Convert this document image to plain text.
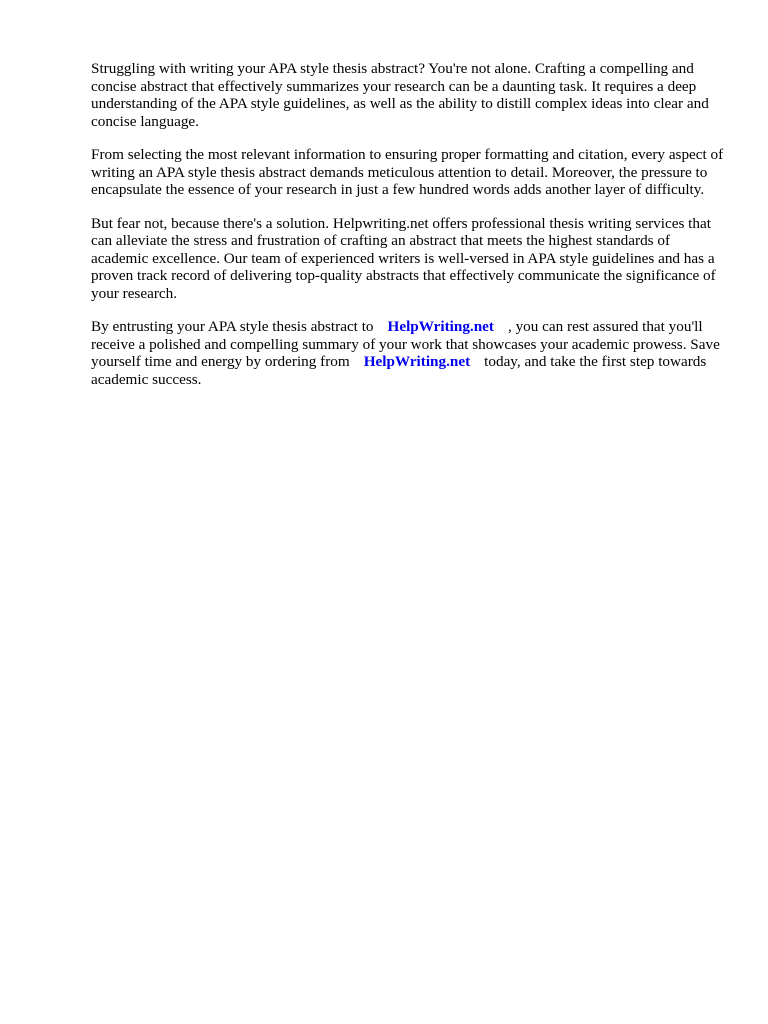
Struggling with writing your APA style thesis abstract? You're not alone. Crafting a compelling and concise abstract that effectively summarizes your research can be a daunting task. It requires a deep understanding of the APA style guidelines, as well as the ability to distill complex ideas into clear and concise language.

From selecting the most relevant information to ensuring proper formatting and citation, every aspect of writing an APA style thesis abstract demands meticulous attention to detail. Moreover, the pressure to encapsulate the essence of your research in just a few hundred words adds another layer of difficulty.

But fear not, because there's a solution. Helpwriting.net offers professional thesis writing services that can alleviate the stress and frustration of crafting an abstract that meets the highest standards of academic excellence. Our team of experienced writers is well-versed in APA style guidelines and has a proven track record of delivering top-quality abstracts that effectively communicate the significance of your research.

By entrusting your APA style thesis abstract to HelpWriting.net , you can rest assured that you'll receive a polished and compelling summary of your work that showcases your academic prowess. Save yourself time and energy by ordering from HelpWriting.net today, and take the first step towards academic success.
